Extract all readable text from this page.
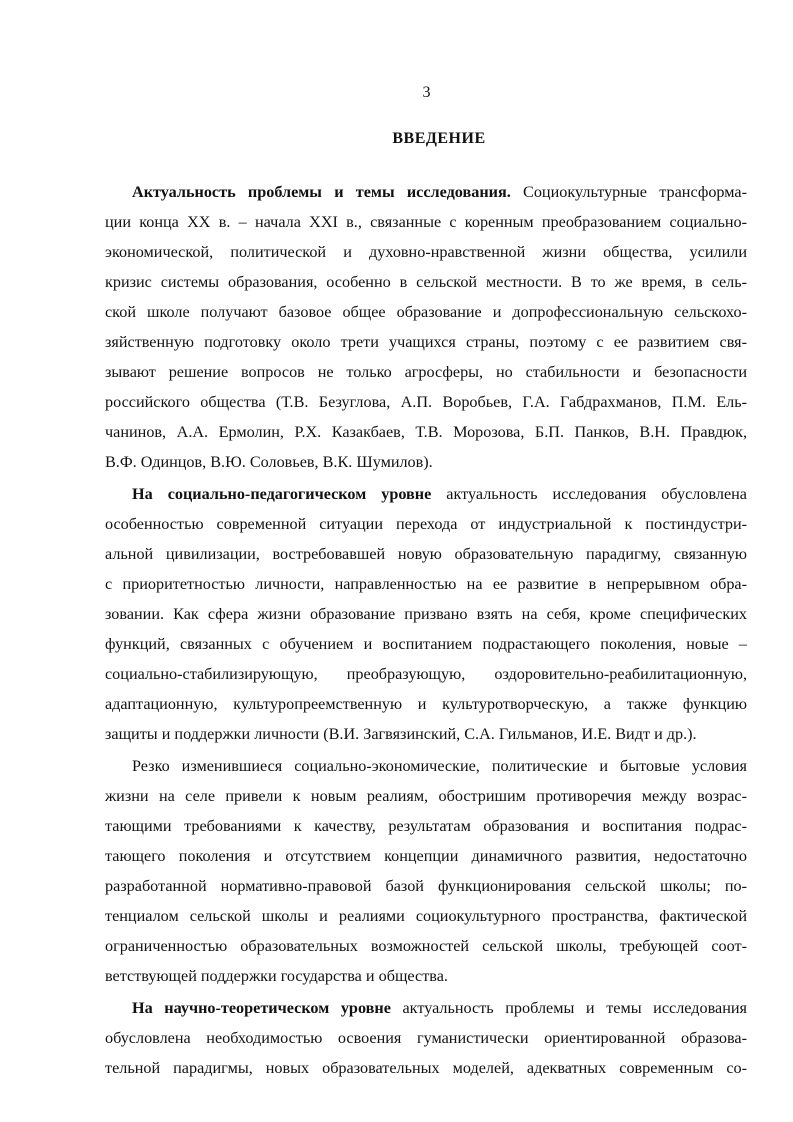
3
ВВЕДЕНИЕ
Актуальность проблемы и темы исследования. Социокультурные трансформа-
ции конца XX в. – начала XXI в., связанные с коренным преобразованием социально-
экономической, политической и духовно-нравственной жизни общества, усилили
кризис системы образования, особенно в сельской местности. В то же время, в сель-
ской школе получают базовое общее образование и допрофессиональную сельскохо-
зяйственную подготовку около трети учащихся страны, поэтому с ее развитием свя-
зывают решение вопросов не только агросферы, но стабильности и безопасности
российского общества (Т.В. Безуглова, А.П. Воробьев, Г.А. Габдрахманов, П.М. Ель-
чанинов, А.А. Ермолин, Р.Х. Казакбаев, Т.В. Морозова, Б.П. Панков, В.Н. Правдюк,
В.Ф. Одинцов, В.Ю. Соловьев, В.К. Шумилов).
На социально-педагогическом уровне актуальность исследования обусловлена
особенностью современной ситуации перехода от индустриальной к постиндустри-
альной цивилизации, востребовавшей новую образовательную парадигму, связанную
с приоритетностью личности, направленностью на ее развитие в непрерывном обра-
зовании. Как сфера жизни образование призвано взять на себя, кроме специфических
функций, связанных с обучением и воспитанием подрастающего поколения, новые –
социально-стабилизирующую, преобразующую, оздоровительно-реабилитационную,
адаптационную, культуропреемственную и культуротворческую, а также функцию
защиты и поддержки личности (В.И. Загвязинский, С.А. Гильманов, И.Е. Видт и др.).
Резко изменившиеся социально-экономические, политические и бытовые условия
жизни на селе привели к новым реалиям, обостришим противоречия между возрас-
тающими требованиями к качеству, результатам образования и воспитания подрас-
тающего поколения и отсутствием концепции динамичного развития, недостаточно
разработанной нормативно-правовой базой функционирования сельской школы; по-
тенциалом сельской школы и реалиями социокультурного пространства, фактической
ограниченностью образовательных возможностей сельской школы, требующей соот-
ветствующей поддержки государства и общества.
На научно-теоретическом уровне актуальность проблемы и темы исследования
обусловлена необходимостью освоения гуманистически ориентированной образова-
тельной парадигмы, новых образовательных моделей, адекватных современным со-
